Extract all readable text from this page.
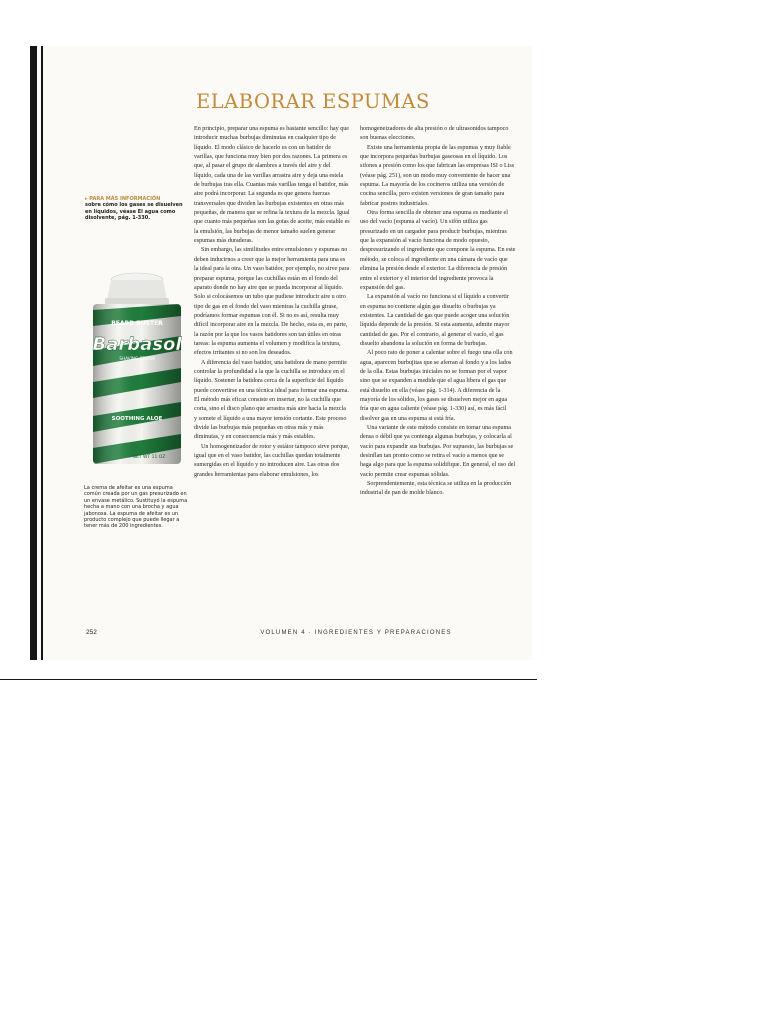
ELABORAR ESPUMAS
▸ PARA MÁS INFORMACIÓN
sobre cómo los gases se disuelven en líquidos, véase El agua como disolvente, pág. 1-330.
BEARD BUSTER
Barbasol
SHAVING CREAM
SOOTHING ALOE
NET WT 11 OZ
La crema de afeitar es una espuma común creada por un gas presurizado en un envase metálico. Sustituyó la espuma hecha a mano con una brocha y agua jabonosa. La espuma de afeitar es un producto complejo que puede llegar a tener más de 200 ingredientes.

En principio, preparar una espuma es bastante sencillo: hay que introducir muchas burbujas diminutas en cualquier tipo de líquido. El modo clásico de hacerlo es con un batidor de varillas, que funciona muy bien por dos razones. La primera es que, al pasar el grupo de alambres a través del aire y del líquido, cada una de las varillas arrastra aire y deja una estela de burbujas tras ella. Cuantas más varillas tenga el batidor, más aire podrá incorporar. La segunda es que genera fuerzas transversales que dividen las burbujas existentes en otras más pequeñas, de manera que se refina la textura de la mezcla. Igual que cuanto más pequeñas son las gotas de aceite, más estable es la emulsión, las burbujas de menor tamaño suelen generar espumas más duraderas.

Sin embargo, las similitudes entre emulsiones y espumas no deben inducirnos a creer que la mejor herramienta para una es la ideal para la otra. Un vaso batidor, por ejemplo, no sirve para preparar espuma, porque las cuchillas están en el fondo del aparato donde no hay aire que se pueda incorporar al líquido. Solo si colocásemos un tubo que pudiese introducir aire u otro tipo de gas en el fondo del vaso mientras la cuchilla girase, podríamos formar espumas con él. Si no es así, resulta muy difícil incorporar aire en la mezcla. De hecho, esta es, en parte, la razón por la que los vasos batidores son tan útiles en otras tareas: la espuma aumenta el volumen y modifica la textura, efectos irritantes si no son los deseados.

A diferencia del vaso batidor, una batidora de mano permite controlar la profundidad a la que la cuchilla se introduce en el líquido. Sostener la batidora cerca de la superficie del líquido puede convertirse en una técnica ideal para formar una espuma. El método más eficaz consiste en insertar, no la cuchilla que corta, sino el disco plano que arrastra más aire hacia la mezcla y somete el líquido a una mayor tensión cortante. Este proceso divide las burbujas más pequeñas en otras más y más diminutas, y en consecuencia más y más estables.

Un homogeneizador de rotor y estátor tampoco sirve porque, igual que en el vaso batidor, las cuchillas quedan totalmente sumergidas en el líquido y no introducen aire. Las otras dos grandes herramientas para elaborar emulsiones, los

homogeneizadores de alta presión o de ultrasonidos tampoco son buenas elecciones.

Existe una herramienta propia de las espumas y muy fiable que incorpora pequeñas burbujas gaseosas en el líquido. Los sifones a presión como los que fabrican las empresas ISI o Liss (véase pág. 251), son un modo muy conveniente de hacer una espuma. La mayoría de los cocineros utiliza una versión de cocina sencilla, pero existen versiones de gran tamaño para fabricar postres industriales.

Otra forma sencilla de obtener una espuma es mediante el uso del vacío (espuma al vacío). Un sifón utiliza gas presurizado en un cargador para producir burbujas, mientras que la expansión al vacío funciona de modo opuesto, despresurizando el ingrediente que compone la espuma. En este método, se coloca el ingrediente en una cámara de vacío que elimina la presión desde el exterior. La diferencia de presión entre el exterior y el interior del ingrediente provoca la expansión del gas.

La expansión al vacío no funciona si el líquido a convertir en espuma no contiene algún gas disuelto o burbujas ya existentes. La cantidad de gas que puede acoger una solución líquida depende de la presión. Si esta aumenta, admite mayor cantidad de gas. Por el contrario, al generar el vacío, el gas disuelto abandona la solución en forma de burbujas.

Al poco rato de poner a calentar sobre el fuego una olla con agua, aparecen burbujitas que se aferran al fondo y a los lados de la olla. Estas burbujas iniciales no se forman por el vapor sino que se expanden a medida que el agua libera el gas que está disuelto en ella (véase pág. 1-314). A diferencia de la mayoría de los sólidos, los gases se disuelven mejor en agua fría que en agua caliente (véase pág. 1-330) así, es más fácil disolver gas en una espuma si está fría.

Una variante de este método consiste en tomar una espuma densa o débil que ya contenga algunas burbujas, y colocarla al vacío para expandir sus burbujas. Por supuesto, las burbujas se desinflan tan pronto como se retira el vacío a menos que se haga algo para que la espuma solidifique. En general, el uso del vacío permite crear espumas sólidas.

Sorprendentemente, esta técnica se utiliza en la producción industrial de pan de molde blanco.

252	VOLUMEN 4 · INGREDIENTES Y PREPARACIONES
